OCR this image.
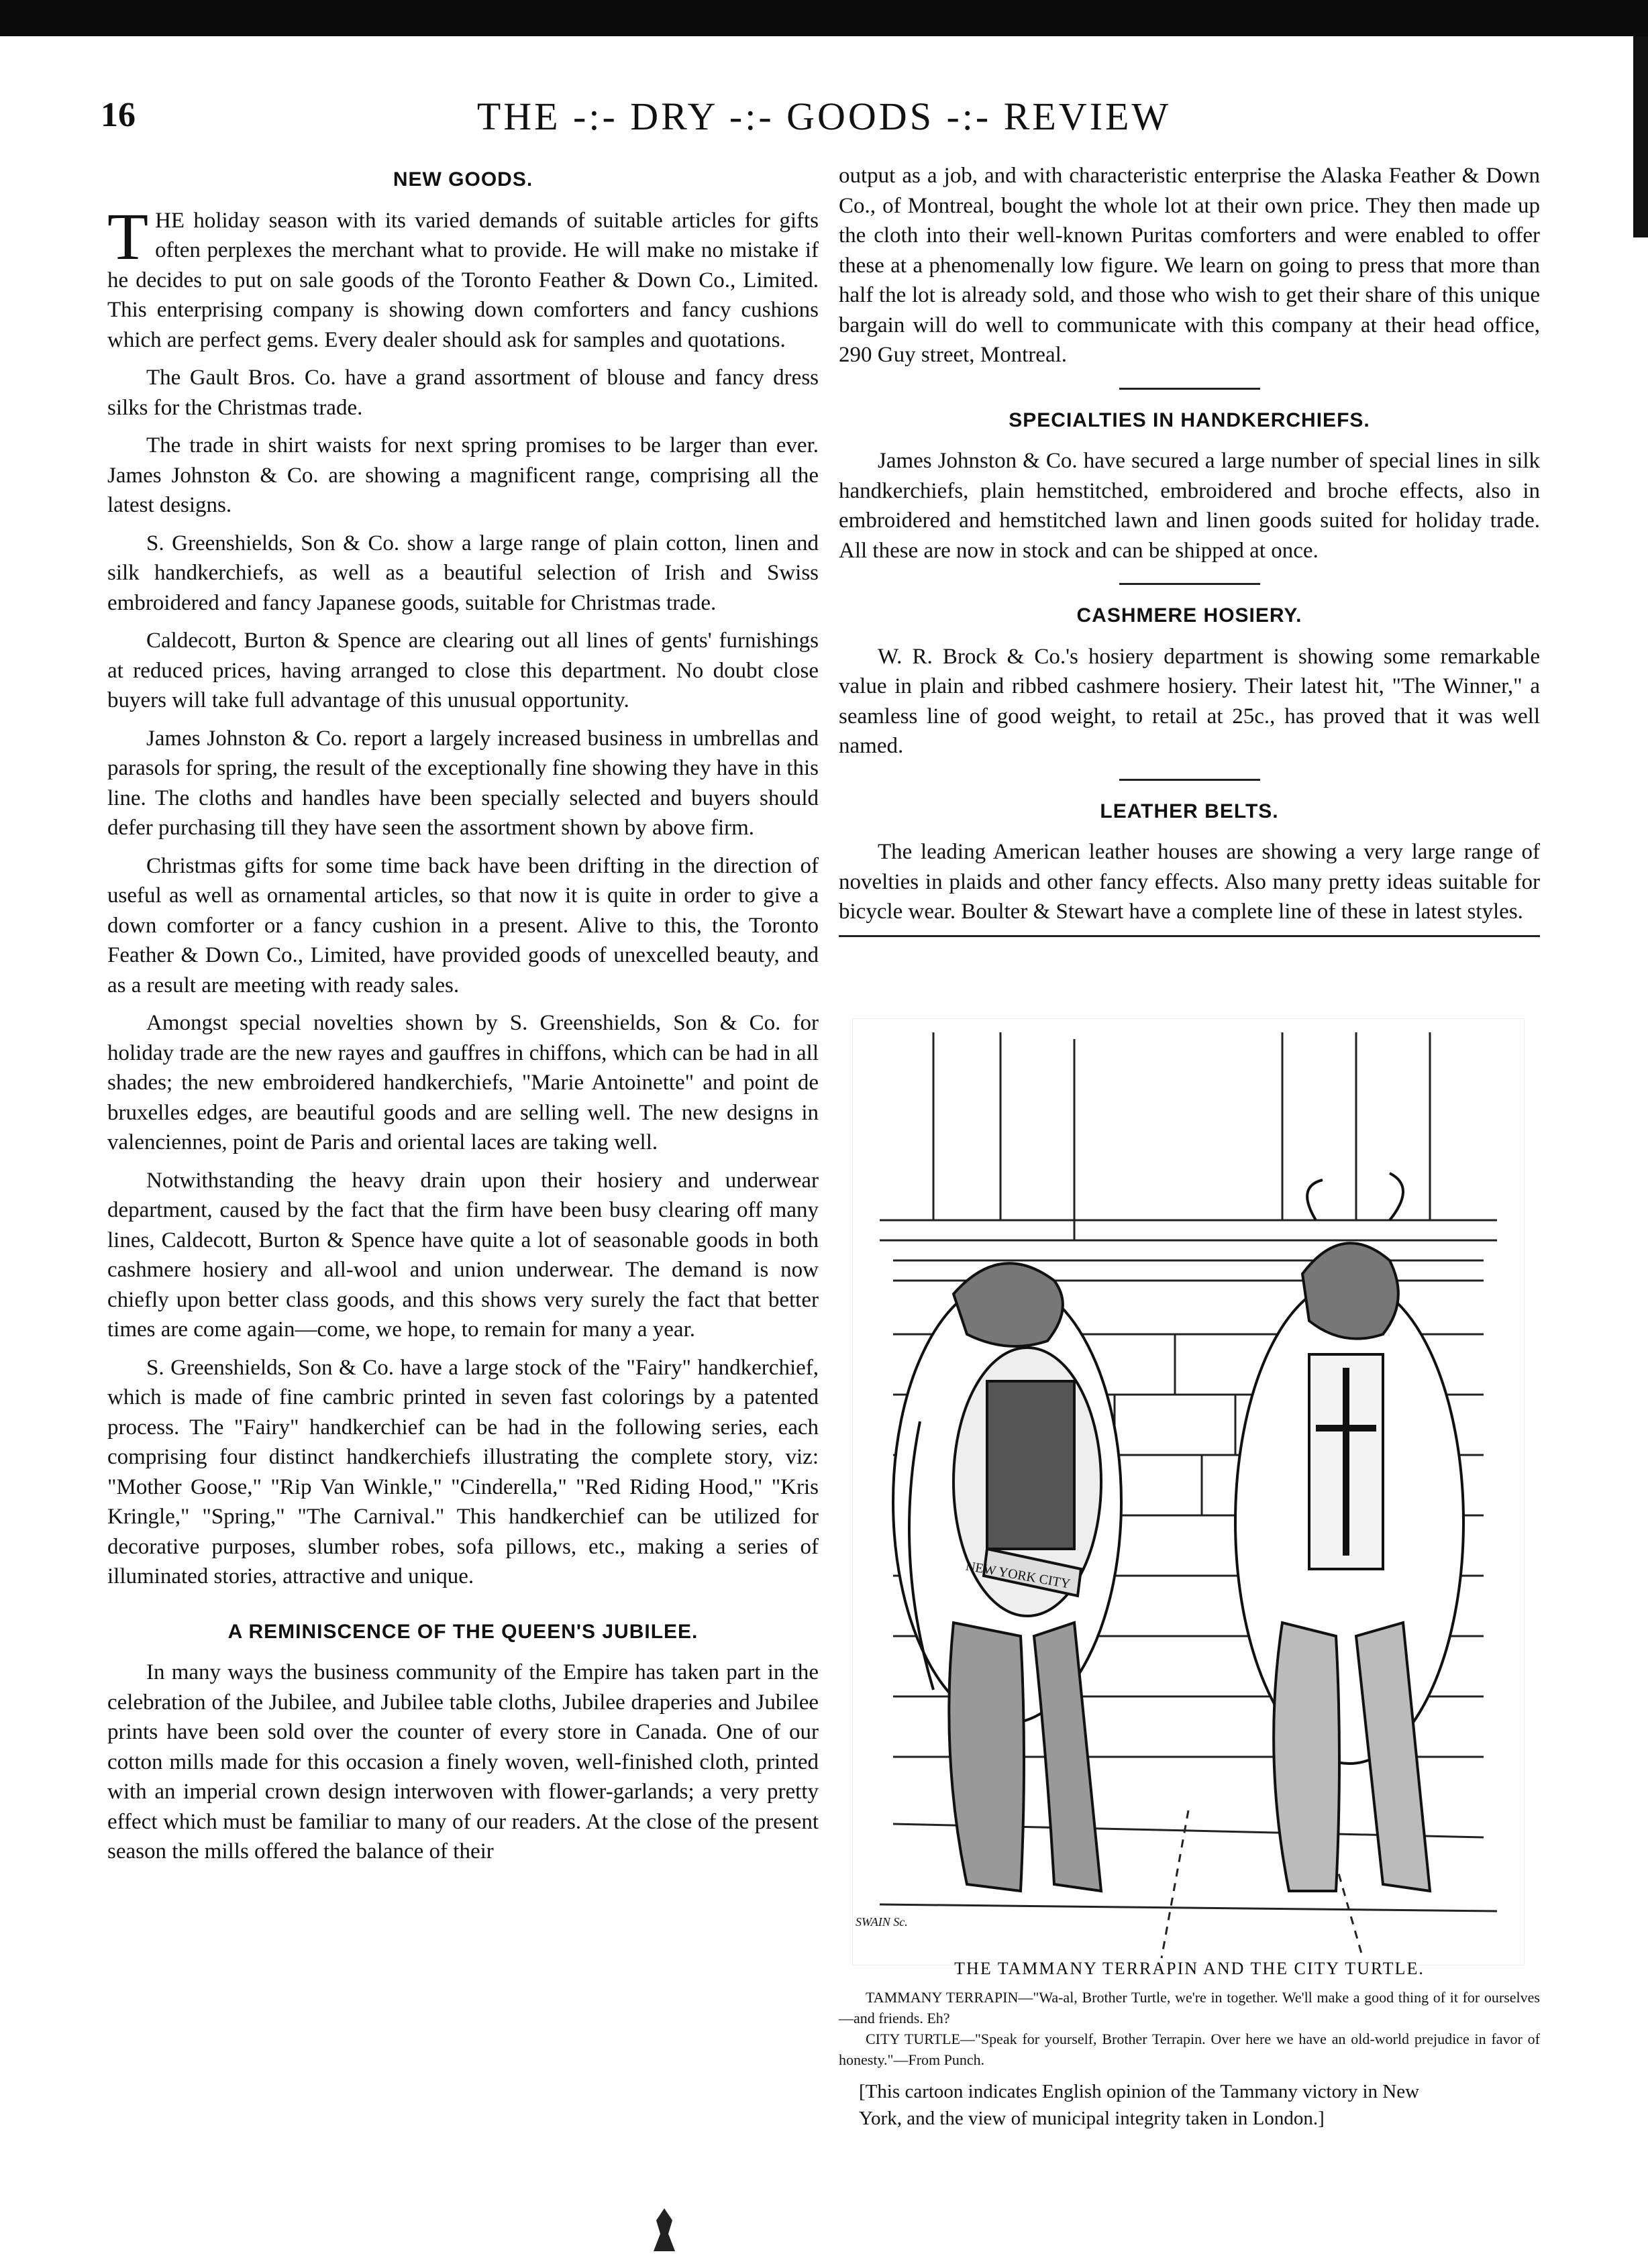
16	THE -:- DRY -:- GOODS -:- REVIEW
NEW GOODS.

THE holiday season with its varied demands of suitable articles for gifts often perplexes the merchant what to provide. He will make no mistake if he decides to put on sale goods of the Toronto Feather & Down Co., Limited. This enterprising company is showing down comforters and fancy cushions which are perfect gems. Every dealer should ask for samples and quotations.

The Gault Bros. Co. have a grand assortment of blouse and fancy dress silks for the Christmas trade.

The trade in shirt waists for next spring promises to be larger than ever. James Johnston & Co. are showing a magnificent range, comprising all the latest designs.

S. Greenshields, Son & Co. show a large range of plain cotton, linen and silk handkerchiefs, as well as a beautiful selection of Irish and Swiss embroidered and fancy Japanese goods, suitable for Christmas trade.

Caldecott, Burton & Spence are clearing out all lines of gents' furnishings at reduced prices, having arranged to close this department. No doubt close buyers will take full advantage of this unusual opportunity.

James Johnston & Co. report a largely increased business in umbrellas and parasols for spring, the result of the exceptionally fine showing they have in this line. The cloths and handles have been specially selected and buyers should defer purchasing till they have seen the assortment shown by above firm.

Christmas gifts for some time back have been drifting in the direction of useful as well as ornamental articles, so that now it is quite in order to give a down comforter or a fancy cushion in a present. Alive to this, the Toronto Feather & Down Co., Limited, have provided goods of unexcelled beauty, and as a result are meeting with ready sales.

Amongst special novelties shown by S. Greenshields, Son & Co. for holiday trade are the new rayes and gauffres in chiffons, which can be had in all shades; the new embroidered handkerchiefs, "Marie Antoinette" and point de bruxelles edges, are beautiful goods and are selling well. The new designs in valenciennes, point de Paris and oriental laces are taking well.

Notwithstanding the heavy drain upon their hosiery and underwear department, caused by the fact that the firm have been busy clearing off many lines, Caldecott, Burton & Spence have quite a lot of seasonable goods in both cashmere hosiery and all-wool and union underwear. The demand is now chiefly upon better class goods, and this shows very surely the fact that better times are come again—come, we hope, to remain for many a year.

S. Greenshields, Son & Co. have a large stock of the "Fairy" handkerchief, which is made of fine cambric printed in seven fast colorings by a patented process. The "Fairy" handkerchief can be had in the following series, each comprising four distinct handkerchiefs illustrating the complete story, viz: "Mother Goose," "Rip Van Winkle," "Cinderella," "Red Riding Hood," "Kris Kringle," "Spring," "The Carnival." This handkerchief can be utilized for decorative purposes, slumber robes, sofa pillows, etc., making a series of illuminated stories, attractive and unique.

A REMINISCENCE OF THE QUEEN'S JUBILEE.

In many ways the business community of the Empire has taken part in the celebration of the Jubilee, and Jubilee table cloths, Jubilee draperies and Jubilee prints have been sold over the counter of every store in Canada. One of our cotton mills made for this occasion a finely woven, well-finished cloth, printed with an imperial crown design interwoven with flower-garlands; a very pretty effect which must be familiar to many of our readers. At the close of the present season the mills offered the balance of their

output as a job, and with characteristic enterprise the Alaska Feather & Down Co., of Montreal, bought the whole lot at their own price. They then made up the cloth into their well-known Puritas comforters and were enabled to offer these at a phenomenally low figure. We learn on going to press that more than half the lot is already sold, and those who wish to get their share of this unique bargain will do well to communicate with this company at their head office, 290 Guy street, Montreal.

SPECIALTIES IN HANDKERCHIEFS.

James Johnston & Co. have secured a large number of special lines in silk handkerchiefs, plain hemstitched, embroidered and broche effects, also in embroidered and hemstitched lawn and linen goods suited for holiday trade. All these are now in stock and can be shipped at once.

CASHMERE HOSIERY.

W. R. Brock & Co.'s hosiery department is showing some remarkable value in plain and ribbed cashmere hosiery. Their latest hit, "The Winner," a seamless line of good weight, to retail at 25c., has proved that it was well named.

LEATHER BELTS.

The leading American leather houses are showing a very large range of novelties in plaids and other fancy effects. Also many pretty ideas suitable for bicycle wear. Boulter & Stewart have a complete line of these in latest styles.

NEW YORK CITY
SWAIN Sc.
THE TAMMANY TERRAPIN AND THE CITY TURTLE.

TAMMANY TERRAPIN—"Wa-al, Brother Turtle, we're in together. We'll make a good thing of it for ourselves—and friends. Eh?

CITY TURTLE—"Speak for yourself, Brother Terrapin. Over here we have an old-world prejudice in favor of honesty."—From Punch.

[This cartoon indicates English opinion of the Tammany victory in New
York, and the view of municipal integrity taken in London.]
